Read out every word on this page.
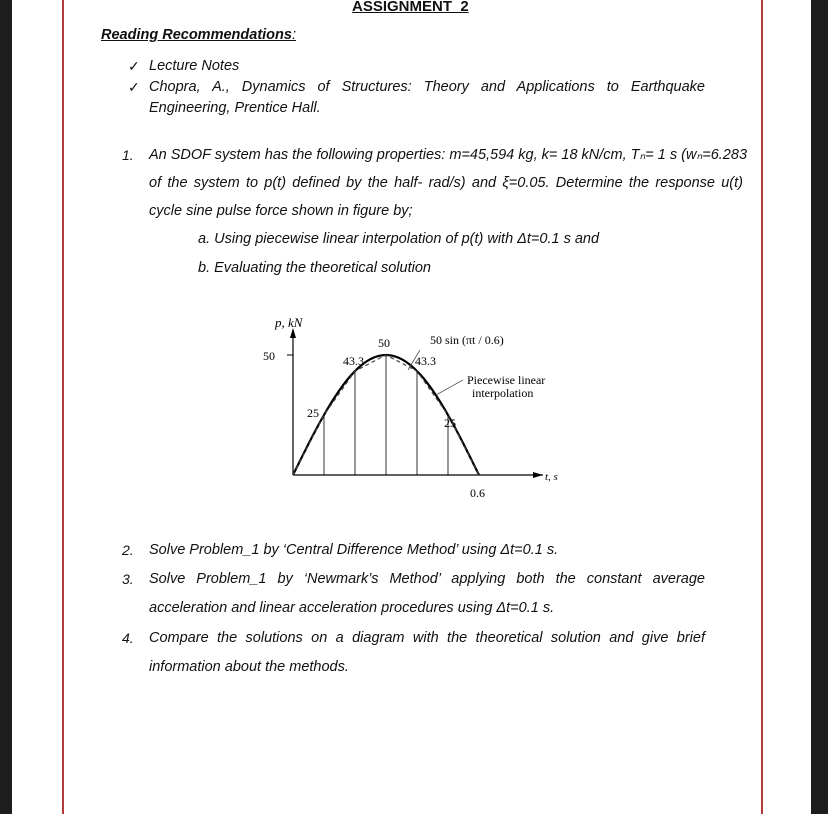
ASSIGNMENT_2
Reading Recommendations:
✓ Lecture Notes
✓ Chopra, A., Dynamics of Structures: Theory and Applications to Earthquake
Engineering, Prentice Hall.
1. An SDOF system has the following properties: m=45,594 kg, k= 18 kN/cm, Tₙ= 1 s (wₙ=6.283
of the system to p(t) defined by the half- rad/s) and ξ=0.05. Determine the response u(t)
cycle sine pulse force shown in figure by;
a. Using piecewise linear interpolation of p(t) with Δt=0.1 s and
b. Evaluating the theoretical solution
25
43.3
50
43.3
25
p, kN
50
0.6
t, s
50 sin (πt / 0.6)
Piecewise linear
interpolation
2. Solve Problem_1 by ‘Central Difference Method’ using Δt=0.1 s.
3. Solve Problem_1 by ‘Newmark’s Method’ applying both the constant average
acceleration and linear acceleration procedures using Δt=0.1 s.
4. Compare the solutions on a diagram with the theoretical solution and give brief
information about the methods.
